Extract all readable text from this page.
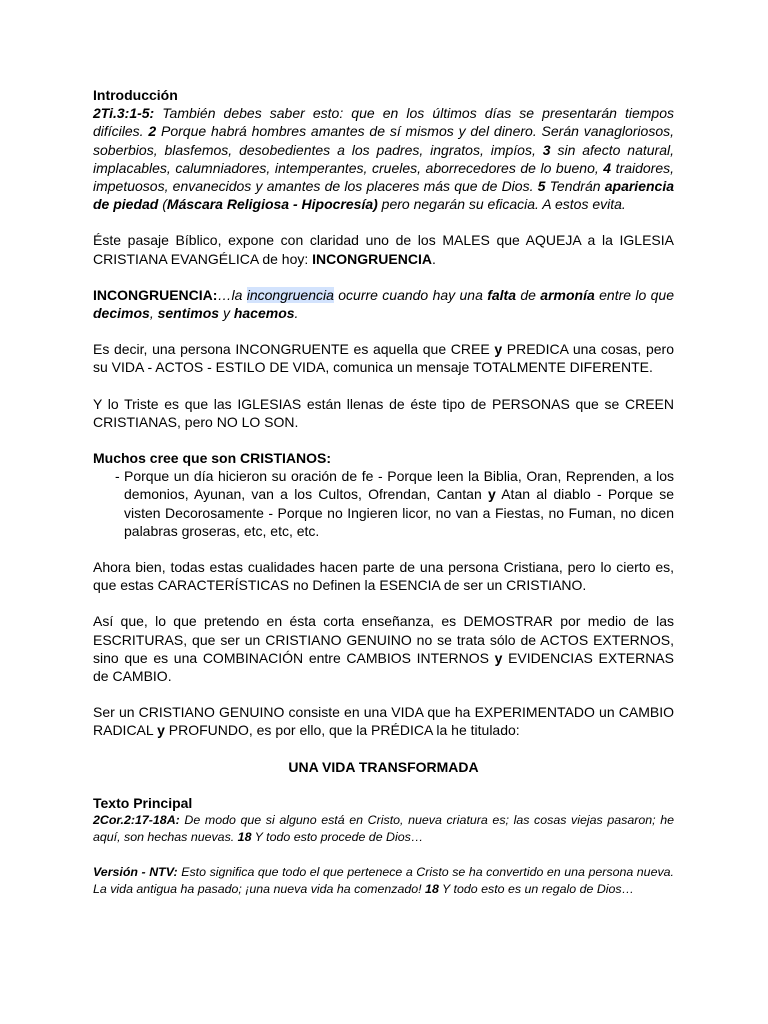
Introducción

2Ti.3:1-5: También debes saber esto: que en los últimos días se presentarán tiempos difíciles. 2 Porque habrá hombres amantes de sí mismos y del dinero. Serán vanagloriosos, soberbios, blasfemos, desobedientes a los padres, ingratos, impíos, 3 sin afecto natural, implacables, calumniadores, intemperantes, crueles, aborrecedores de lo bueno, 4 traidores, impetuosos, envanecidos y amantes de los placeres más que de Dios. 5 Tendrán apariencia de piedad (Máscara Religiosa - Hipocresía) pero negarán su eficacia. A estos evita.

Éste pasaje Bíblico, expone con claridad uno de los MALES que AQUEJA a la IGLESIA CRISTIANA EVANGÉLICA de hoy: INCONGRUENCIA.

INCONGRUENCIA:…la incongruencia ocurre cuando hay una falta de armonía entre lo que decimos, sentimos y hacemos.

Es decir, una persona INCONGRUENTE es aquella que CREE y PREDICA una cosas, pero su VIDA - ACTOS - ESTILO DE VIDA, comunica un mensaje TOTALMENTE DIFERENTE.

Y lo Triste es que las IGLESIAS están llenas de éste tipo de PERSONAS que se CREEN CRISTIANAS, pero NO LO SON.

Muchos cree que son CRISTIANOS:

- Porque un día hicieron su oración de fe - Porque leen la Biblia, Oran, Reprenden, a los demonios, Ayunan, van a los Cultos, Ofrendan, Cantan y Atan al diablo - Porque se visten Decorosamente - Porque no Ingieren licor, no van a Fiestas, no Fuman, no dicen palabras groseras, etc, etc, etc.

Ahora bien, todas estas cualidades hacen parte de una persona Cristiana, pero lo cierto es, que estas CARACTERÍSTICAS no Definen la ESENCIA de ser un CRISTIANO.

Así que, lo que pretendo en ésta corta enseñanza, es DEMOSTRAR por medio de las ESCRITURAS, que ser un CRISTIANO GENUINO no se trata sólo de ACTOS EXTERNOS, sino que es una COMBINACIÓN entre CAMBIOS INTERNOS y EVIDENCIAS EXTERNAS de CAMBIO.

Ser un CRISTIANO GENUINO consiste en una VIDA que ha EXPERIMENTADO un CAMBIO RADICAL y PROFUNDO, es por ello, que la PRÉDICA la he titulado:

UNA VIDA TRANSFORMADA

Texto Principal

2Cor.2:17-18A: De modo que si alguno está en Cristo, nueva criatura es; las cosas viejas pasaron; he aquí, son hechas nuevas. 18 Y todo esto procede de Dios…

Versión - NTV: Esto significa que todo el que pertenece a Cristo se ha convertido en una persona nueva. La vida antigua ha pasado; ¡una nueva vida ha comenzado! 18 Y todo esto es un regalo de Dios…
